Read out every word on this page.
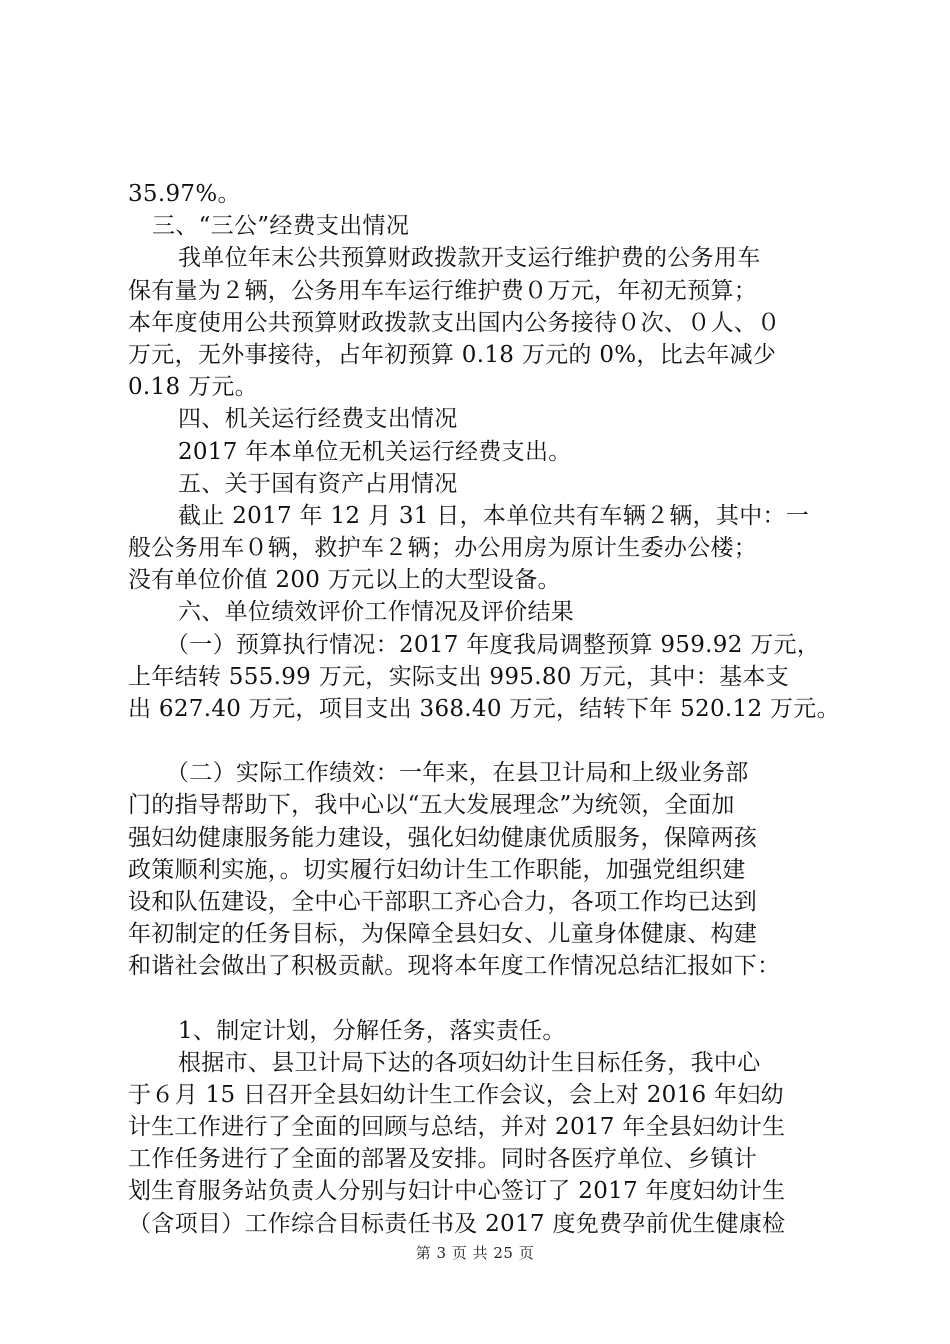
35.97%。
三、“三公”经费支出情况
我单位年末公共预算财政拨款开支运行维护费的公务用车
保有量为２辆，公务用车车运行维护费０万元，年初无预算；
本年度使用公共预算财政拨款支出国内公务接待０次、０人、０
万元，无外事接待，占年初预算 0.18 万元的 0%，比去年减少
0.18 万元。
四、机关运行经费支出情况
2017 年本单位无机关运行经费支出。
五、关于国有资产占用情况
截止 2017 年 12 月 31 日，本单位共有车辆２辆，其中：一
般公务用车０辆，救护车２辆；办公用房为原计生委办公楼；
没有单位价值 200 万元以上的大型设备。
六、单位绩效评价工作情况及评价结果
（一）预算执行情况：2017 年度我局调整预算 959.92 万元，
上年结转 555.99 万元，实际支出 995.80 万元，其中：基本支
出 627.40 万元，项目支出 368.40 万元，结转下年 520.12 万元。
（二）实际工作绩效：一年来，在县卫计局和上级业务部
门的指导帮助下，我中心以“五大发展理念”为统领，全面加
强妇幼健康服务能力建设，强化妇幼健康优质服务，保障两孩
政策顺利实施，。切实履行妇幼计生工作职能，加强党组织建
设和队伍建设，全中心干部职工齐心合力，各项工作均已达到
年初制定的任务目标，为保障全县妇女、儿童身体健康、构建
和谐社会做出了积极贡献。现将本年度工作情况总结汇报如下：
1、制定计划，分解任务，落实责任。
根据市、县卫计局下达的各项妇幼计生目标任务，我中心
于６月 15 日召开全县妇幼计生工作会议，会上对 2016 年妇幼
计生工作进行了全面的回顾与总结，并对 2017 年全县妇幼计生
工作任务进行了全面的部署及安排。同时各医疗单位、乡镇计
划生育服务站负责人分别与妇计中心签订了 2017 年度妇幼计生
（含项目）工作综合目标责任书及 2017 度免费孕前优生健康检
第 3 页 共 25 页
